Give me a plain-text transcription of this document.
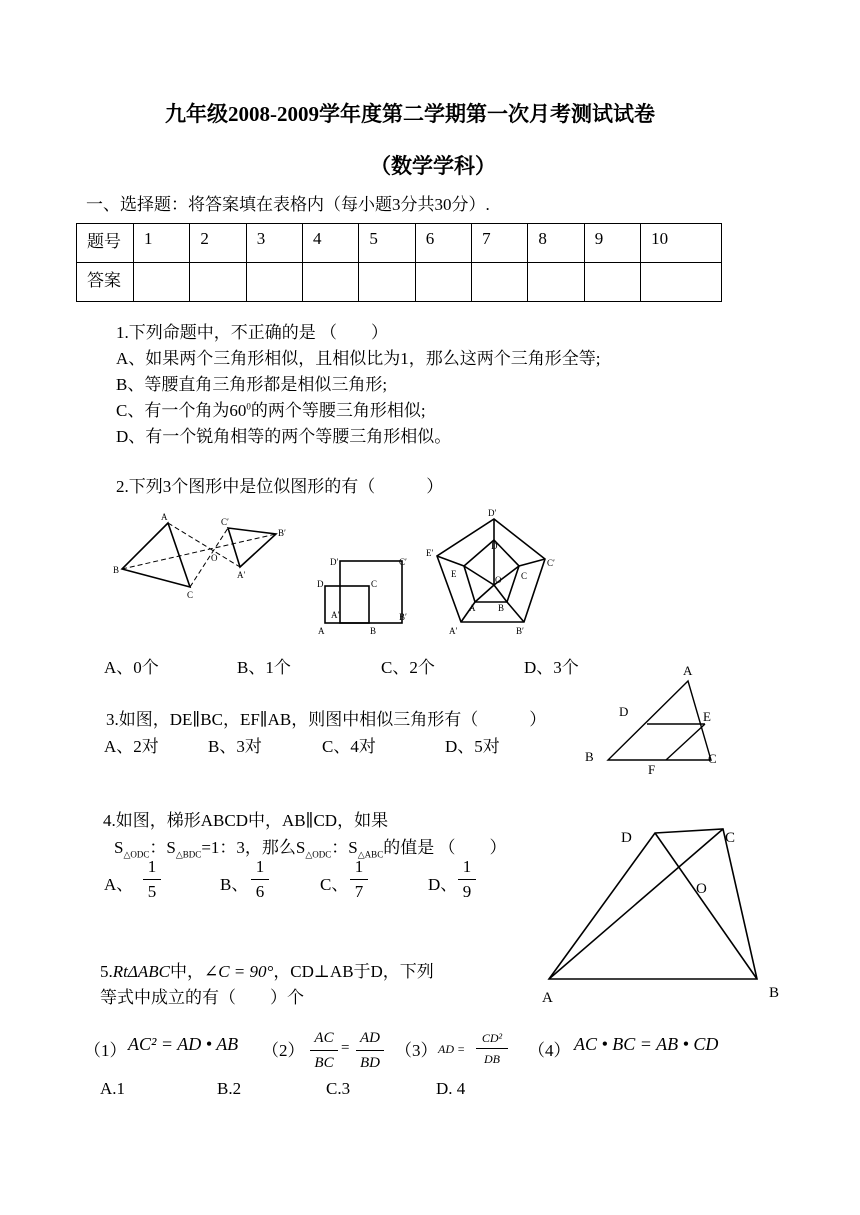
九年级2008-2009学年度第二学期第一次月考测试试卷
（数学学科）
一、选择题：将答案填在表格内（每小题3分共30分）.
题号	1	2	3	4	5	6	7	8	9	10
答案										
1.下列命题中，不正确的是 （　　）
A、如果两个三角形相似，且相似比为1，那么这两个三角形全等;
B、等腰直角三角形都是相似三角形;
C、有一个角为$60^0$的两个等腰三角形相似;
D、有一个锐角相等的两个等腰三角形相似。
2.下列3个图形中是位似图形的有（　　　）
A
B
C
C′
B′
O
A′
D′	C′
D	C
A′	B′
A	B
D′
E′
C′
D
E	C
O
A	B
A′	B′
A、0个	B、1个	C、2个	D、3个
3.如图，DE∥BC，EF∥AB，则图中相似三角形有（　　　）
A、2对	B、3对	C、4对	D、5对
A
D	E
B
F
C
4.如图，梯形ABCD中，AB∥CD，如果
$S_{\triangle ODC}$：$S_{\triangle BDC}=1$：3，那么$S_{\triangle ODC}$：$S_{\triangle ABC}$的值是 （　　）
A、
1
5	B、
1
6	C、
1
7	D、
1
9
D	C
O
A	B
5.RtΔABC中，∠C = 90°，CD⊥AB于D，下列
等式中成立的有（　　）个
（1） AC² = AD • AB （2）
AC
BC
=
AD
BD
（3） AD =
CD²
DB	（4） AC • BC = AB • CD
A.1	B.2	C.3	D. 4
